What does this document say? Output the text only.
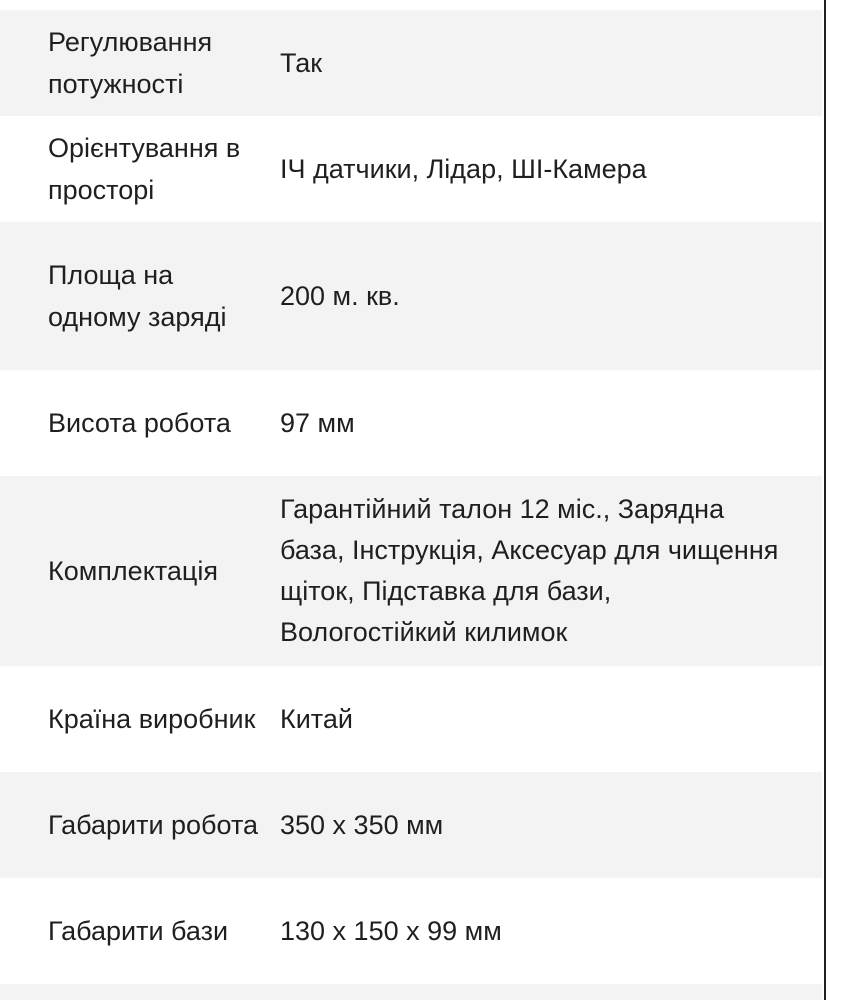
Регулювання потужності
Так
Орієнтування в просторі
ІЧ датчики, Лідар, ШІ-Камера
Площа на одному заряді
200 м. кв.
Висота робота	97 мм
Комплектація
Гарантійний талон 12 міс., Зарядна
база, Інструкція, Аксесуар для чищення
щіток, Підставка для бази,
Вологостійкий килимок
Країна виробник Китай
Габарити робота 350 x 350 мм
Габарити бази	130 x 150 x 99 мм
